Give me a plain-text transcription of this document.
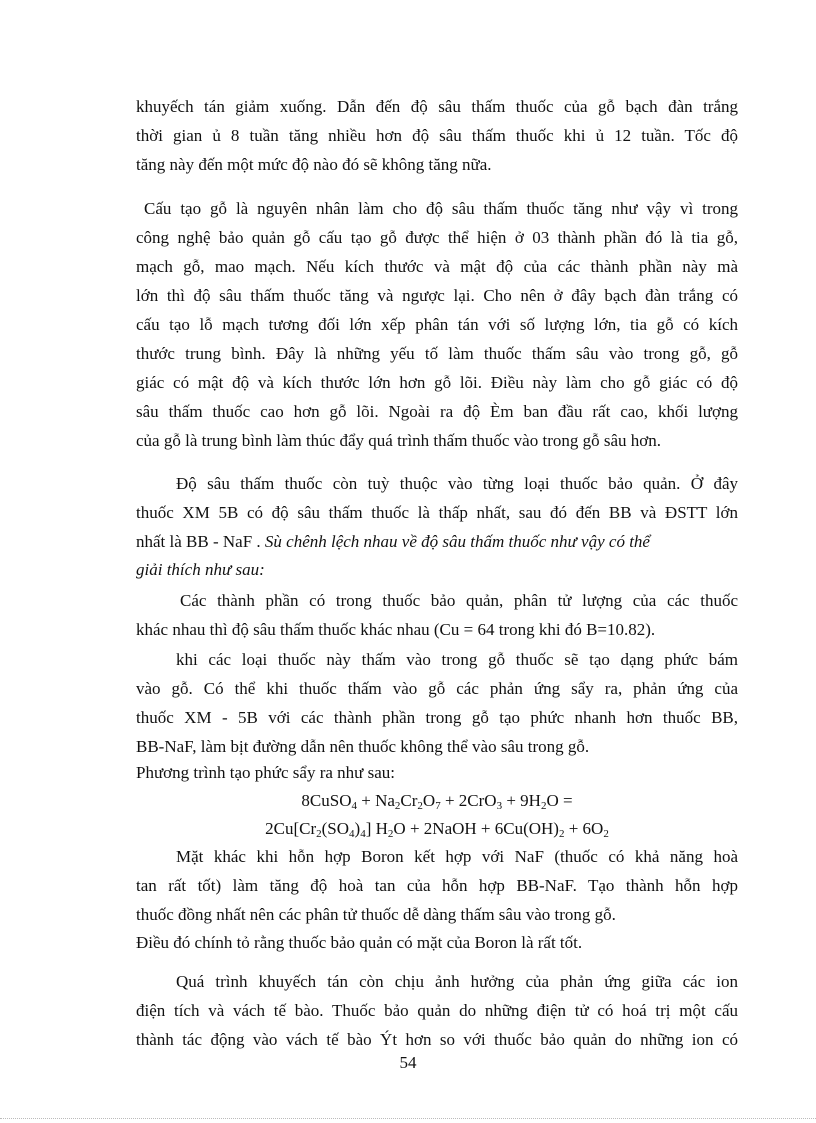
khuyếch tán giảm xuống. Dẫn đến độ sâu thấm thuốc của gỗ bạch đàn trắng
thời gian ủ 8 tuần tăng nhiều hơn độ sâu thấm thuốc khi ủ 12 tuần. Tốc độ
tăng này đến một mức độ nào đó sẽ không tăng nữa.
Cấu tạo gỗ là nguyên nhân làm cho độ sâu thấm thuốc tăng như vậy vì trong
công nghệ bảo quản gỗ cấu tạo gỗ được thể hiện ở 03 thành phần đó là tia gỗ,
mạch gỗ, mao mạch. Nếu kích thước và mật độ của các thành phần này mà
lớn thì độ sâu thấm thuốc tăng và ngược lại. Cho nên ở đây bạch đàn trắng có
cấu tạo lỗ mạch tương đối lớn xếp phân tán với số lượng lớn, tia gỗ có kích
thước trung bình. Đây là những yếu tố làm thuốc thấm sâu vào trong gỗ, gỗ
giác có mật độ và kích thước lớn hơn gỗ lõi. Điều này làm cho gỗ giác có độ
sâu thấm thuốc cao hơn gỗ lõi. Ngoài ra độ Èm ban đầu rất cao, khối lượng
của gỗ là trung bình làm thúc đẩy quá trình thấm thuốc vào trong gỗ sâu hơn.
Độ sâu thấm thuốc còn tuỳ thuộc vào từng loại thuốc bảo quản. Ở đây
thuốc XM 5B có độ sâu thấm thuốc là thấp nhất, sau đó đến BB và ĐSTT lớn
nhất là BB - NaF . Sù chênh lệch nhau về độ sâu thấm thuốc như vậy có thể
giải thích như sau:
Các thành phần có trong thuốc bảo quản, phân tử lượng của các thuốc
khác nhau thì độ sâu thấm thuốc khác nhau (Cu = 64 trong khi đó B=10.82).
khi các loại thuốc này thấm vào trong gỗ thuốc sẽ tạo dạng phức bám
vào gỗ. Có thể khi thuốc thấm vào gỗ các phản ứng sẩy ra, phản ứng của
thuốc XM - 5B với các thành phần trong gỗ tạo phức nhanh hơn thuốc BB,
BB-NaF, làm bịt đường dẫn nên thuốc không thể vào sâu trong gỗ.
Phương trình tạo phức sẩy ra như sau:
8CuSO$_4$ + $Na_2Cr_2O_7 + 2CrO_3 + 9H_2O$ =
$2Cu[Cr_2(SO_4)_4] H_2O$ + 2NaOH + $6Cu(OH)_2 + 6O_2$
Mặt khác khi hỗn hợp Boron kết hợp với NaF (thuốc có khả năng hoà
tan rất tốt) làm tăng độ hoà tan của hỗn hợp BB-NaF. Tạo thành hỗn hợp
thuốc đồng nhất nên các phân tử thuốc dễ dàng thấm sâu vào trong gỗ.
Điều đó chính tỏ rằng thuốc bảo quản có mặt của Boron là rất tốt.
Quá trình khuyếch tán còn chịu ảnh hưởng của phản ứng giữa các ion
điện tích và vách tế bào. Thuốc bảo quản do những điện tử có hoá trị một cấu
thành tác động vào vách tế bào Ýt hơn so với thuốc bảo quản do những ion có
54
